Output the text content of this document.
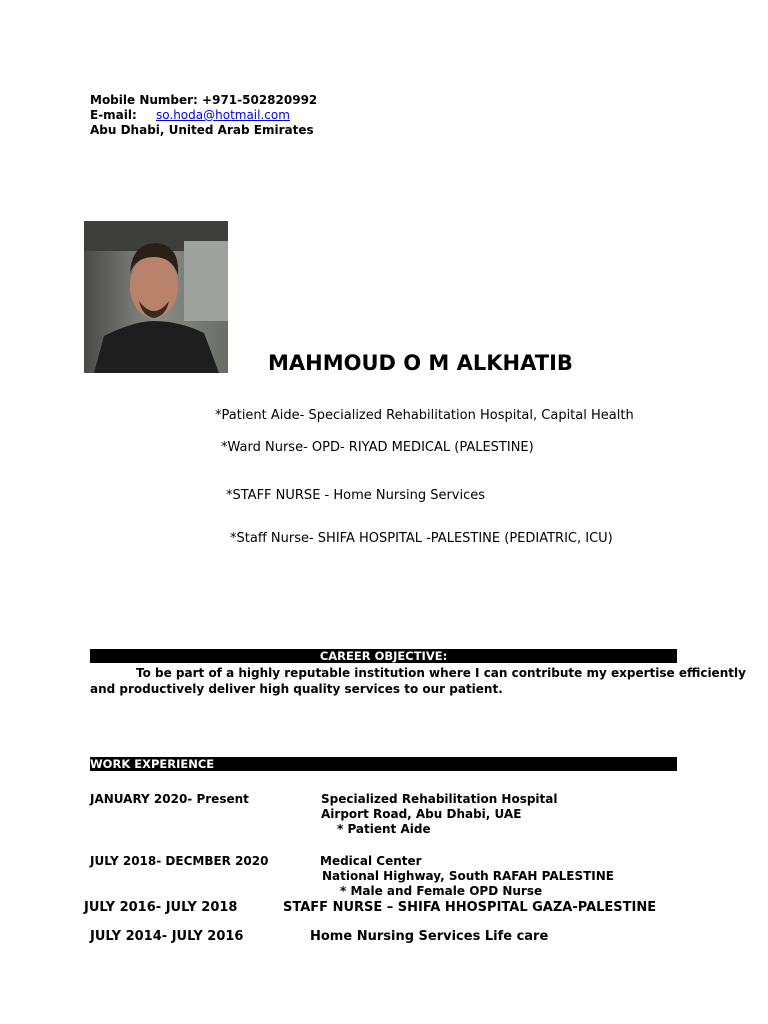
Mobile Number: +971-502820992
E-mail: so.hoda@hotmail.com
Abu Dhabi, United Arab Emirates
MAHMOUD O M ALKHATIB
*Patient Aide- Specialized Rehabilitation Hospital, Capital Health
*Ward Nurse- OPD- RIYAD MEDICAL (PALESTINE)
*STAFF NURSE - Home Nursing Services
*Staff Nurse- SHIFA HOSPITAL -PALESTINE (PEDIATRIC, ICU)
CAREER OBJECTIVE:
To be part of a highly reputable institution where I can contribute my expertise efficiently
and productively deliver high quality services to our patient.
WORK EXPERIENCE
JANUARY 2020- Present	Specialized Rehabilitation Hospital
Airport Road, Abu Dhabi, UAE
* Patient Aide
JULY 2018- DECMBER 2020	Medical Center
National Highway, South RAFAH PALESTINE
* Male and Female OPD Nurse
JULY 2016- JULY 2018	STAFF NURSE – SHIFA HHOSPITAL GAZA-PALESTINE
JULY 2014- JULY 2016	Home Nursing Services Life care
